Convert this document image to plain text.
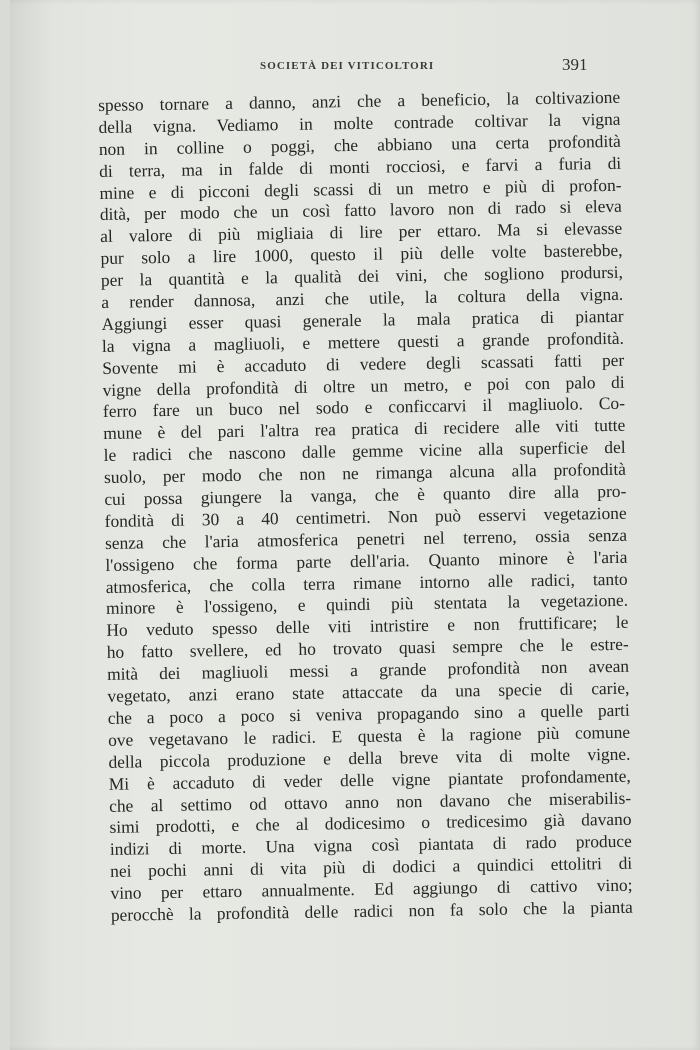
SOCIETÀ DEI VITICOLTORI	391
spesso tornare a danno, anzi che a beneficio, la coltivazione
della vigna. Vediamo in molte contrade coltivar la vigna
non in colline o poggi, che abbiano una certa profondità
di terra, ma in falde di monti rocciosi, e farvi a furia di
mine e di picconi degli scassi di un metro e più di profon-
dità, per modo che un così fatto lavoro non di rado si eleva
al valore di più migliaia di lire per ettaro. Ma si elevasse
pur solo a lire 1000, questo il più delle volte basterebbe,
per la quantità e la qualità dei vini, che sogliono prodursi,
a render dannosa, anzi che utile, la coltura della vigna.
Aggiungi esser quasi generale la mala pratica di piantar
la vigna a magliuoli, e mettere questi a grande profondità.
Sovente mi è accaduto di vedere degli scassati fatti per
vigne della profondità di oltre un metro, e poi con palo di
ferro fare un buco nel sodo e conficcarvi il magliuolo. Co-
mune è del pari l'altra rea pratica di recidere alle viti tutte
le radici che nascono dalle gemme vicine alla superficie del
suolo, per modo che non ne rimanga alcuna alla profondità
cui possa giungere la vanga, che è quanto dire alla pro-
fondità di 30 a 40 centimetri. Non può esservi vegetazione
senza che l'aria atmosferica penetri nel terreno, ossia senza
l'ossigeno che forma parte dell'aria. Quanto minore è l'aria
atmosferica, che colla terra rimane intorno alle radici, tanto
minore è l'ossigeno, e quindi più stentata la vegetazione.
Ho veduto spesso delle viti intristire e non fruttificare; le
ho fatto svellere, ed ho trovato quasi sempre che le estre-
mità dei magliuoli messi a grande profondità non avean
vegetato, anzi erano state attaccate da una specie di carie,
che a poco a poco si veniva propagando sino a quelle parti
ove vegetavano le radici. E questa è la ragione più comune
della piccola produzione e della breve vita di molte vigne.
Mi è accaduto di veder delle vigne piantate profondamente,
che al settimo od ottavo anno non davano che miserabilis-
simi prodotti, e che al dodicesimo o tredicesimo già davano
indizi di morte. Una vigna così piantata di rado produce
nei pochi anni di vita più di dodici a quindici ettolitri di
vino per ettaro annualmente. Ed aggiungo di cattivo vino;
perocchè la profondità delle radici non fa solo che la pianta
